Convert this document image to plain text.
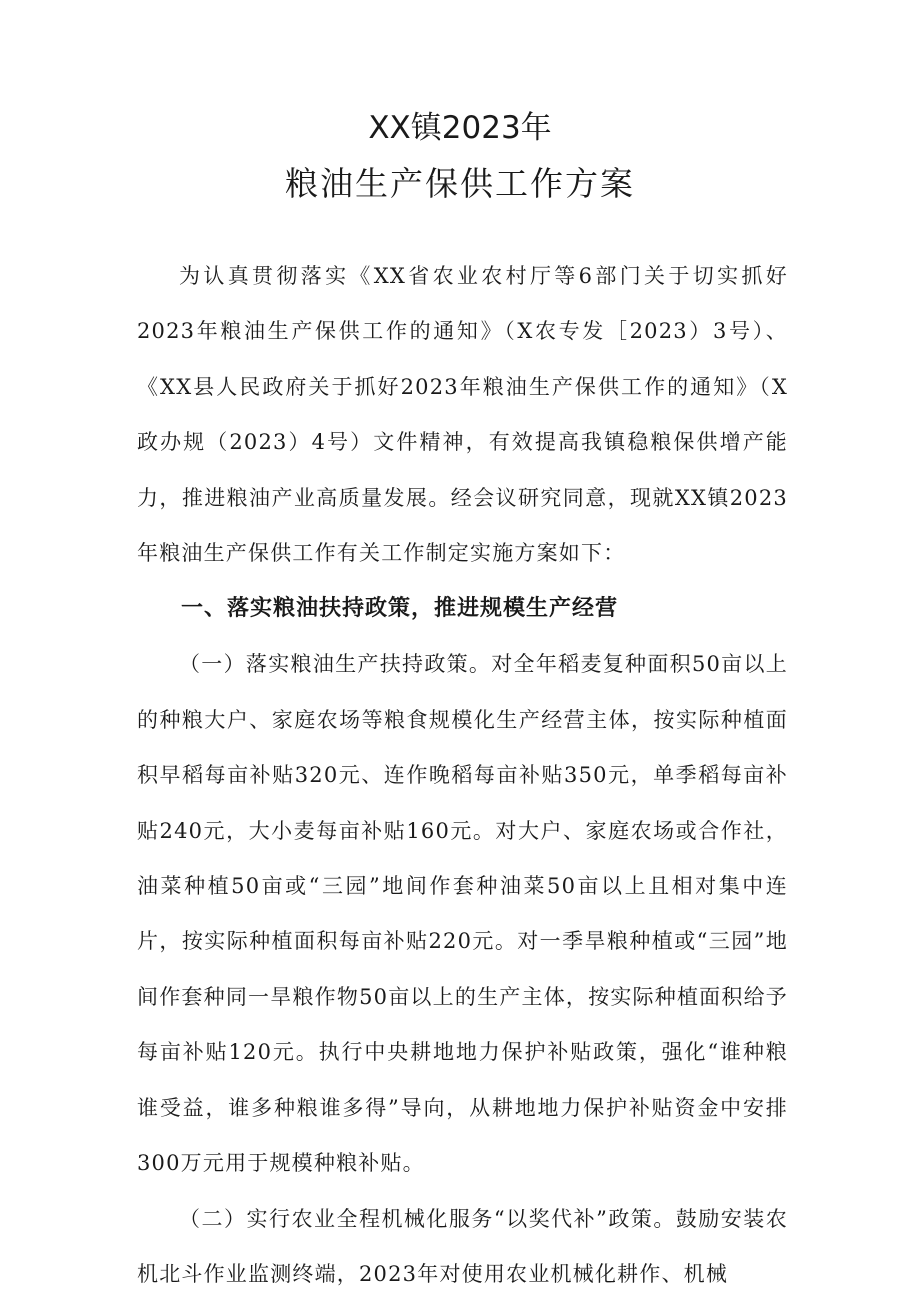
XX镇2023年
粮油生产保供工作方案

为认真贯彻落实《XX省农业农村厅等6部门关于切实抓好2023年粮油生产保供工作的通知》（X农专发［2023）3号）、《XX县人民政府关于抓好2023年粮油生产保供工作的通知》（X政办规（2023）4号）文件精神，有效提高我镇稳粮保供增产能力，推进粮油产业高质量发展。经会议研究同意，现就XX镇2023年粮油生产保供工作有关工作制定实施方案如下：

一、落实粮油扶持政策，推进规模生产经营

（一）落实粮油生产扶持政策。对全年稻麦复种面积50亩以上的种粮大户、家庭农场等粮食规模化生产经营主体，按实际种植面积早稻每亩补贴320元、连作晚稻每亩补贴350元，单季稻每亩补贴240元，大小麦每亩补贴160元。对大户、家庭农场或合作社，油菜种植50亩或“三园”地间作套种油菜50亩以上且相对集中连片，按实际种植面积每亩补贴220元。对一季旱粮种植或“三园”地间作套种同一旱粮作物50亩以上的生产主体，按实际种植面积给予每亩补贴120元。执行中央耕地地力保护补贴政策，强化“谁种粮谁受益，谁多种粮谁多得”导向，从耕地地力保护补贴资金中安排300万元用于规模种粮补贴。

（二）实行农业全程机械化服务“以奖代补”政策。鼓励安装农机北斗作业监测终端，2023年对使用农业机械化耕作、机械
